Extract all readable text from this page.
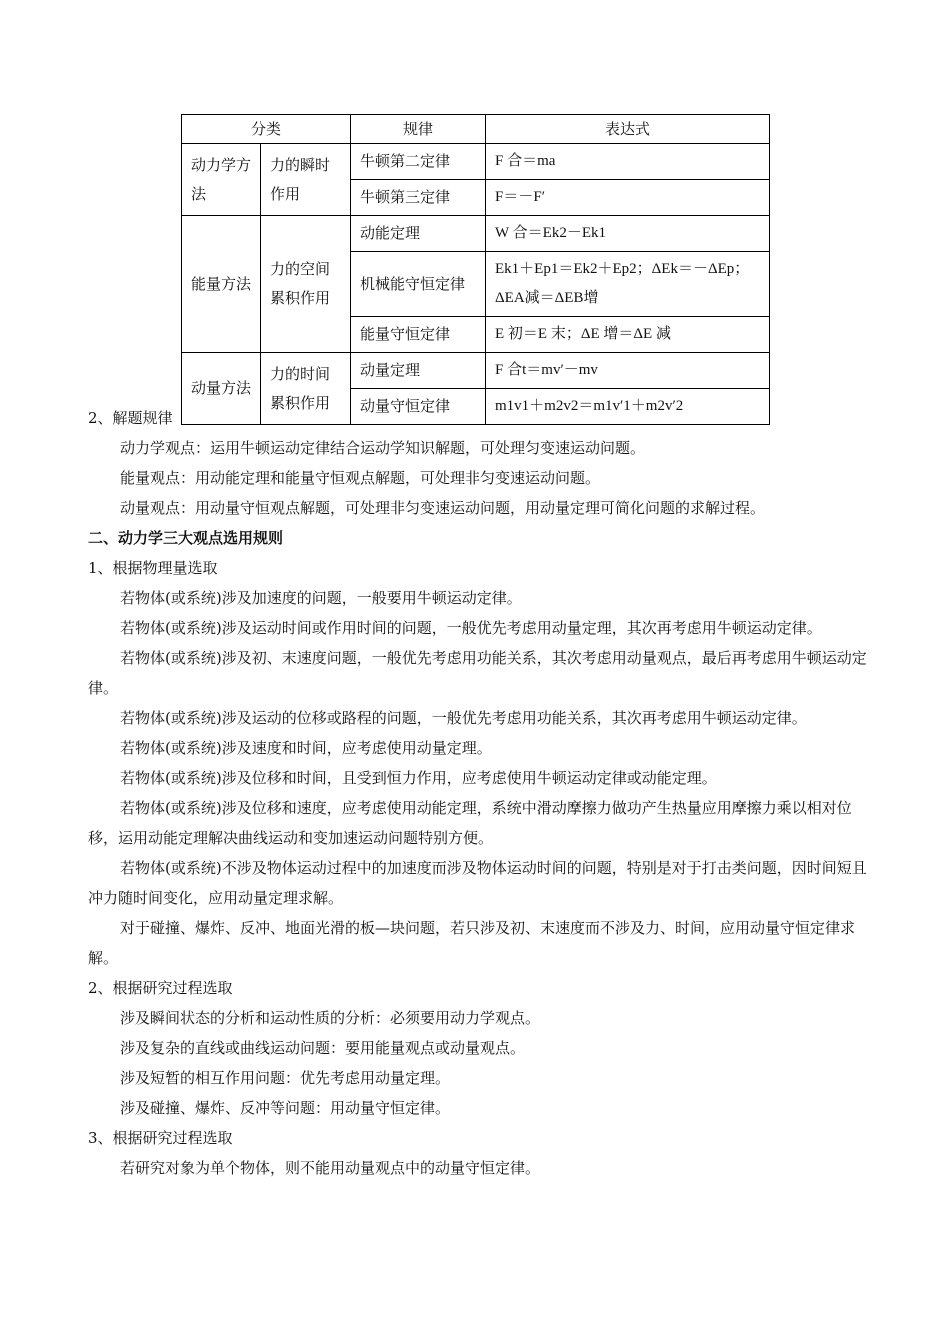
分类		规律	表达式
动力学方法	力的瞬时作用	牛顿第二定律	F 合＝ma
		牛顿第三定律	F＝－F′
能量方法	力的空间累积作用	动能定理	W 合＝Ek2－Ek1
		机械能守恒定律	Ek1＋Ep1＝Ek2＋Ep2；ΔEk＝－ΔEp；ΔEA减＝ΔEB增
		能量守恒定律	E 初＝E 末；ΔE 增＝ΔE 减
动量方法	力的时间累积作用	动量定理	F 合t＝mv′－mv
		动量守恒定律	m1v1＋m2v2＝m1v′1＋m2v′2
2、解题规律
动力学观点：运用牛顿运动定律结合运动学知识解题，可处理匀变速运动问题。
能量观点：用动能定理和能量守恒观点解题，可处理非匀变速运动问题。
动量观点：用动量守恒观点解题，可处理非匀变速运动问题，用动量定理可简化问题的求解过程。
二、动力学三大观点选用规则
1、根据物理量选取
若物体(或系统)涉及加速度的问题，一般要用牛顿运动定律。
若物体(或系统)涉及运动时间或作用时间的问题，一般优先考虑用动量定理，其次再考虑用牛顿运动定律。
若物体(或系统)涉及初、末速度问题，一般优先考虑用功能关系，其次考虑用动量观点，最后再考虑用牛顿运动定律。
若物体(或系统)涉及运动的位移或路程的问题，一般优先考虑用功能关系，其次再考虑用牛顿运动定律。
若物体(或系统)涉及速度和时间，应考虑使用动量定理。
若物体(或系统)涉及位移和时间，且受到恒力作用，应考虑使用牛顿运动定律或动能定理。
若物体(或系统)涉及位移和速度，应考虑使用动能定理，系统中滑动摩擦力做功产生热量应用摩擦力乘以相对位移，运用动能定理解决曲线运动和变加速运动问题特别方便。
若物体(或系统)不涉及物体运动过程中的加速度而涉及物体运动时间的问题，特别是对于打击类问题，因时间短且冲力随时间变化，应用动量定理求解。
对于碰撞、爆炸、反冲、地面光滑的板—块问题，若只涉及初、末速度而不涉及力、时间，应用动量守恒定律求解。
2、根据研究过程选取
涉及瞬间状态的分析和运动性质的分析：必须要用动力学观点。
涉及复杂的直线或曲线运动问题：要用能量观点或动量观点。
涉及短暂的相互作用问题：优先考虑用动量定理。
涉及碰撞、爆炸、反冲等问题：用动量守恒定律。
3、根据研究过程选取
若研究对象为单个物体，则不能用动量观点中的动量守恒定律。
